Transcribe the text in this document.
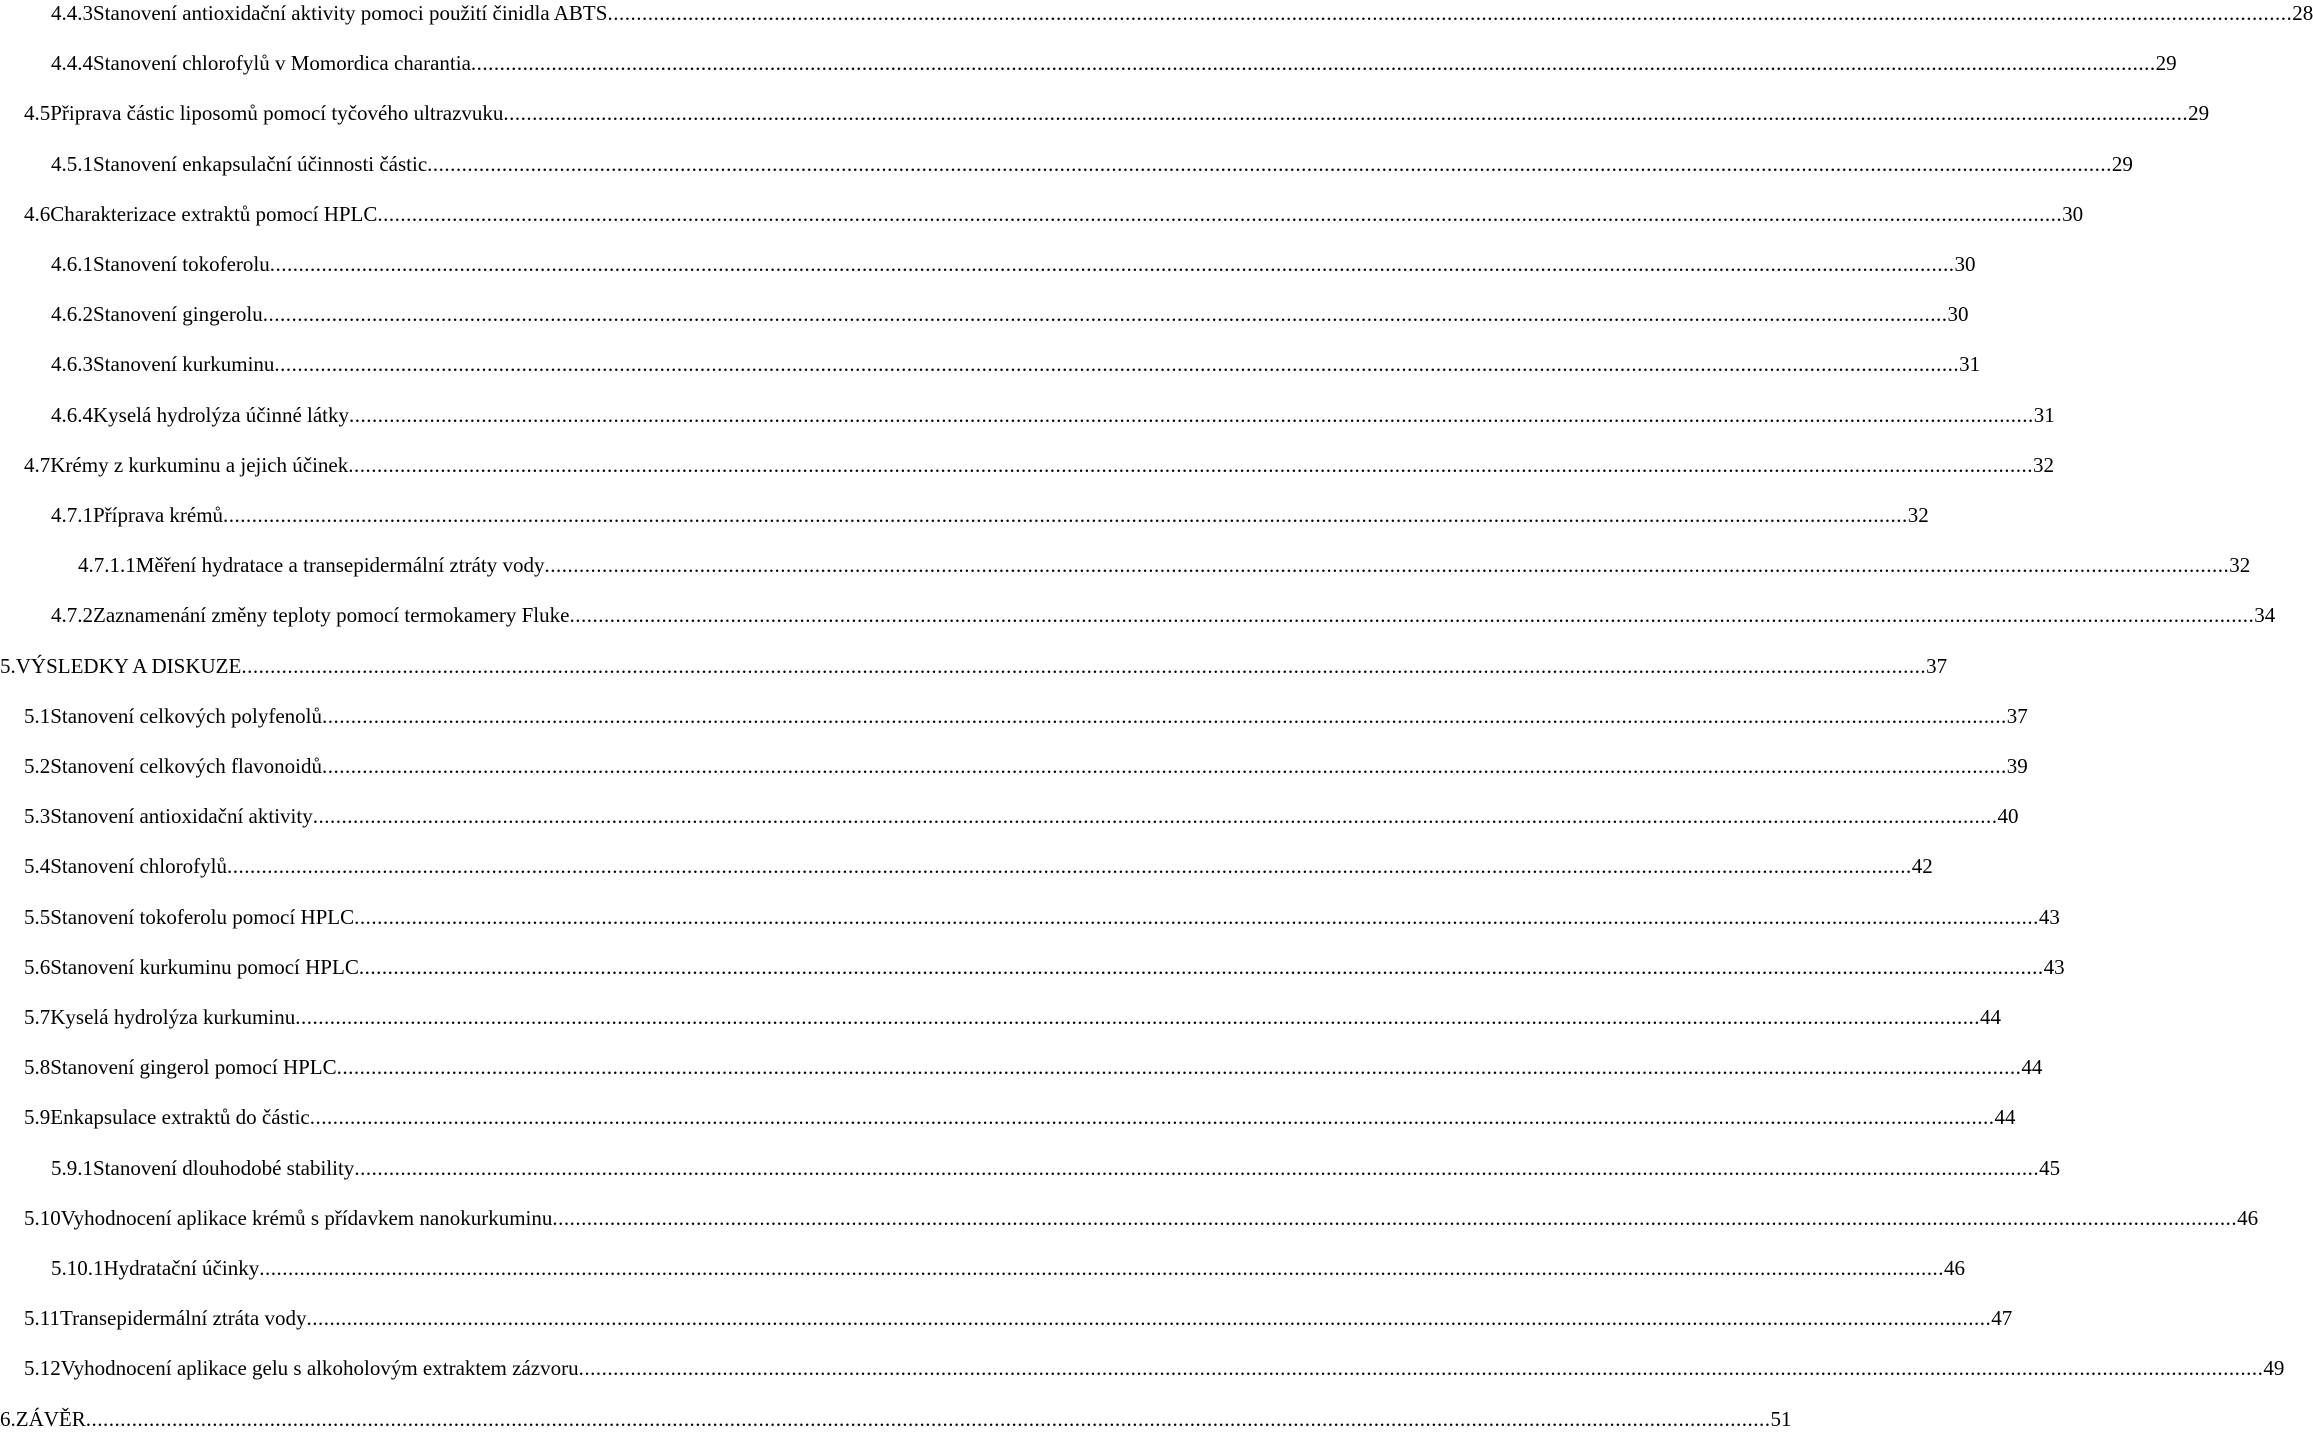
4.4.3 Stanovení antioxidační aktivity pomoci použití činidla ABTS .....	28
4.4.4 Stanovení chlorofylů v Momordica charantia .....	29
4.5 Připrava částic liposomů pomocí tyčového ultrazvuku .....	29
4.5.1 Stanovení enkapsulační účinnosti částic .....	29
4.6 Charakterizace extraktů pomocí HPLC .....	30
4.6.1 Stanovení tokoferolu .....	30
4.6.2 Stanovení gingerolu .....	30
4.6.3 Stanovení kurkuminu .....	31
4.6.4 Kyselá hydrolýza účinné látky .....	31
4.7 Krémy z kurkuminu a jejich účinek .....	32
4.7.1 Příprava krémů .....	32
4.7.1.1 Měření hydratace a transepidermální ztráty vody .....	32
4.7.2 Zaznamenání změny teploty pomocí termokamery Fluke .....	34
5. VÝSLEDKY A DISKUZE .....	37
5.1 Stanovení celkových polyfenolů .....	37
5.2 Stanovení celkových flavonoidů .....	39
5.3 Stanovení antioxidační aktivity .....	40
5.4 Stanovení chlorofylů .....	42
5.5 Stanovení tokoferolu pomocí HPLC .....	43
5.6 Stanovení kurkuminu pomocí HPLC .....	43
5.7 Kyselá hydrolýza kurkuminu .....	44
5.8 Stanovení gingerol pomocí HPLC .....	44
5.9 Enkapsulace extraktů do částic .....	44
5.9.1 Stanovení dlouhodobé stability .....	45
5.10 Vyhodnocení aplikace krémů s přídavkem nanokurkuminu .....	46
5.10.1 Hydratační účinky .....	46
5.11 Transepidermální ztráta vody .....	47
5.12 Vyhodnocení aplikace gelu s alkoholovým extraktem zázvoru .....	49
6. ZÁVĚR .....	51
